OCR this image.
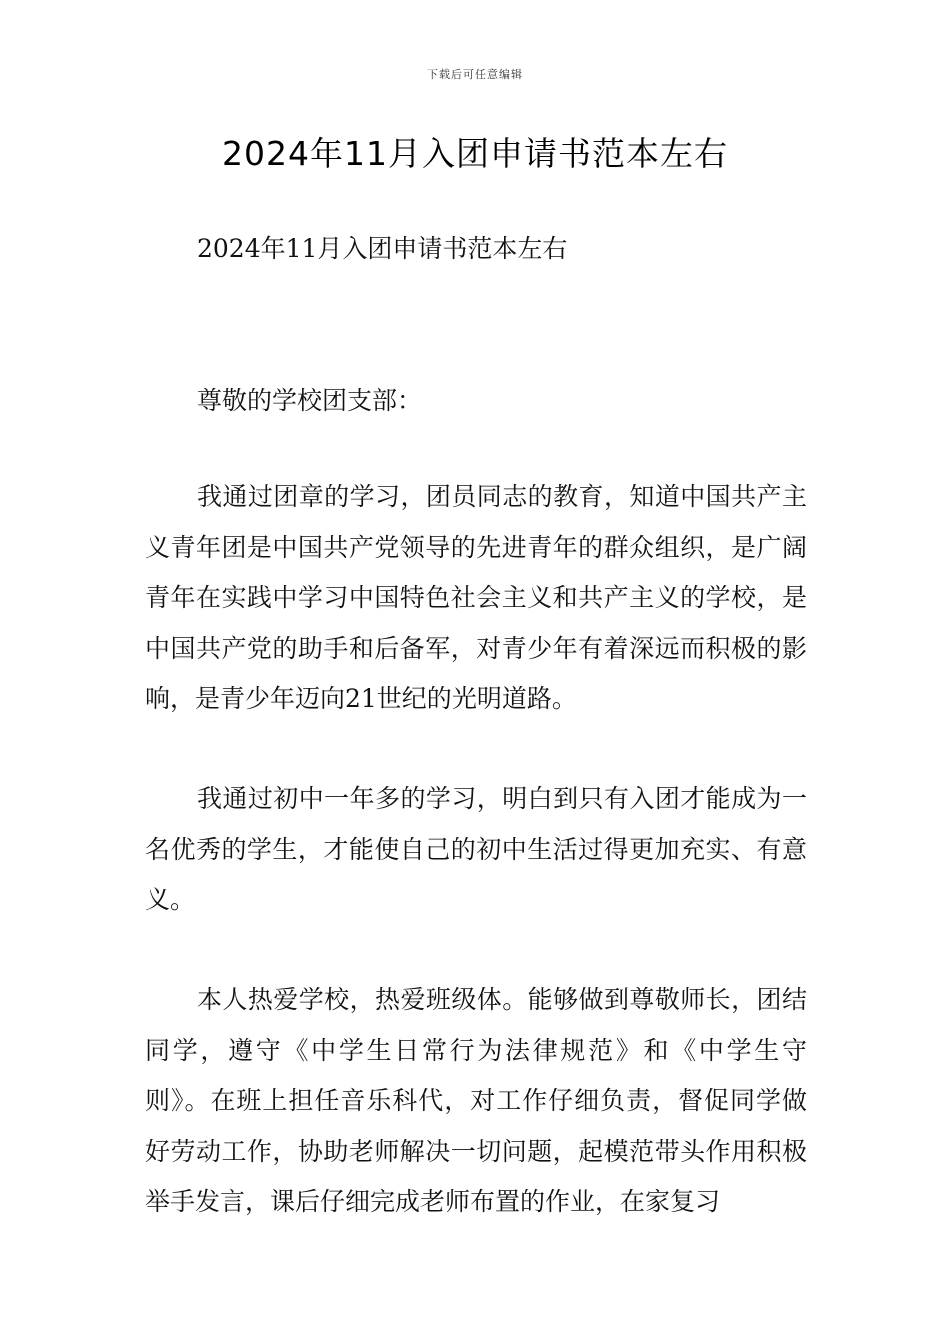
下载后可任意编辑
2024年11月入团申请书范本左右

2024年11月入团申请书范本左右

尊敬的学校团支部：

我通过团章的学习，团员同志的教育，知道中国共产主义青年团是中国共产党领导的先进青年的群众组织，是广阔青年在实践中学习中国特色社会主义和共产主义的学校，是中国共产党的助手和后备军，对青少年有着深远而积极的影响，是青少年迈向21世纪的光明道路。

我通过初中一年多的学习，明白到只有入团才能成为一名优秀的学生，才能使自己的初中生活过得更加充实、有意义。

本人热爱学校，热爱班级体。能够做到尊敬师长，团结同学，遵守《中学生日常行为法律规范》和《中学生守则》。在班上担任音乐科代，对工作仔细负责，督促同学做好劳动工作，协助老师解决一切问题，起模范带头作用积极举手发言，课后仔细完成老师布置的作业，在家复习
